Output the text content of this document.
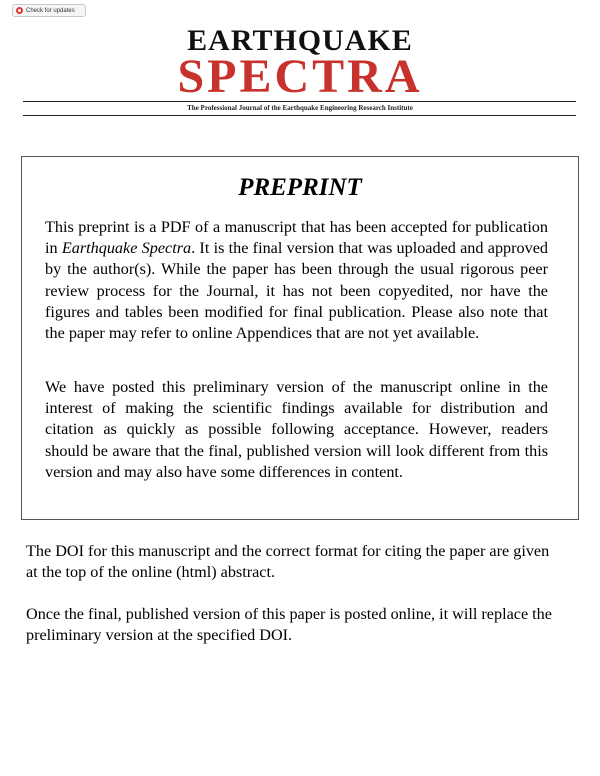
Check for updates
EARTHQUAKE
SPECTRA
The Professional Journal of the Earthquake Engineering Research Institute
PREPRINT

This preprint is a PDF of a manuscript that has been accepted for publication in Earthquake Spectra. It is the final version that was uploaded and approved by the author(s). While the paper has been through the usual rigorous peer review process for the Journal, it has not been copyedited, nor have the figures and tables been modified for final publication. Please also note that the paper may refer to online Appendices that are not yet available.

We have posted this preliminary version of the manuscript online in the interest of making the scientific findings available for distribution and citation as quickly as possible following acceptance. However, readers should be aware that the final, published version will look different from this version and may also have some differences in content.

The DOI for this manuscript and the correct format for citing the paper are given at the top of the online (html) abstract.

Once the final, published version of this paper is posted online, it will replace the preliminary version at the specified DOI.
